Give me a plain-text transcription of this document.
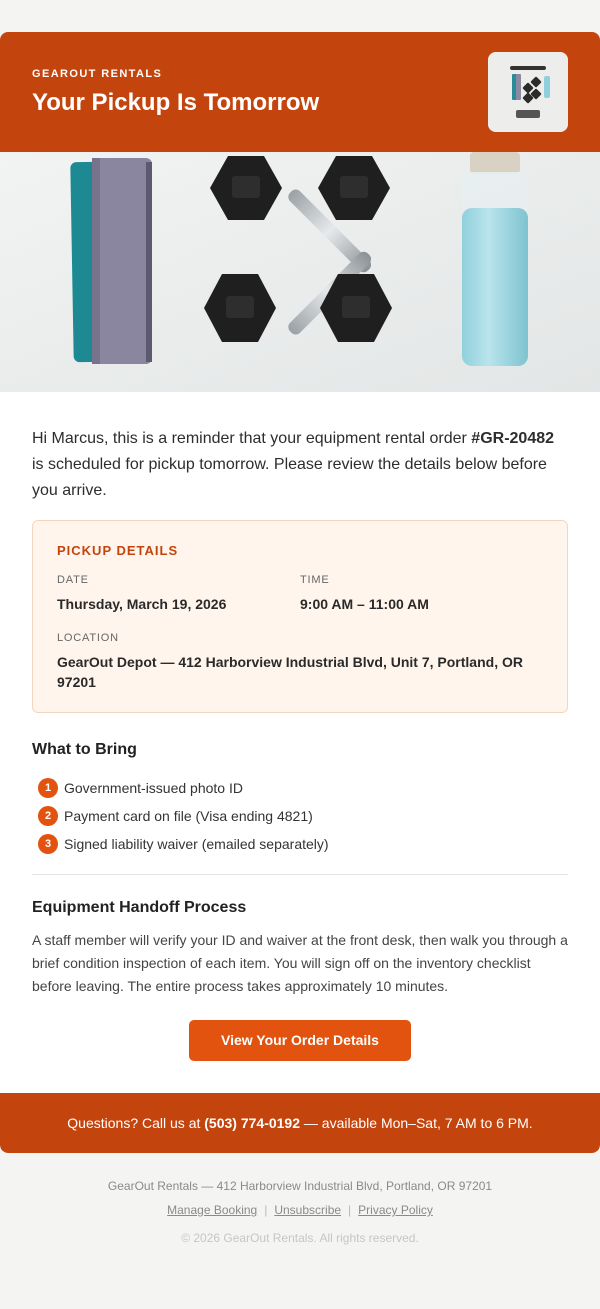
GEAROUT RENTALS
Your Pickup Is Tomorrow

Hi Marcus, this is a reminder that your equipment rental order #GR-20482 is scheduled for pickup tomorrow. Please review the details below before you arrive.

PICKUP DETAILS
DATE
Thursday, March 19, 2026
TIME
9:00 AM – 11:00 AM
LOCATION
GearOut Depot — 412 Harborview Industrial Blvd, Unit 7, Portland, OR 97201
What to Bring
1 Government-issued photo ID
2 Payment card on file (Visa ending 4821)
3 Signed liability waiver (emailed separately)
Equipment Handoff Process

A staff member will verify your ID and waiver at the front desk, then walk you through a brief condition inspection of each item. You will sign off on the inventory checklist before leaving. The entire process takes approximately 10 minutes.

View Your Order Details
Questions? Call us at (503) 774-0192 — available Mon–Sat, 7 AM to 6 PM.
GearOut Rentals — 412 Harborview Industrial Blvd, Portland, OR 97201
Manage Booking | Unsubscribe | Privacy Policy
© 2026 GearOut Rentals. All rights reserved.
